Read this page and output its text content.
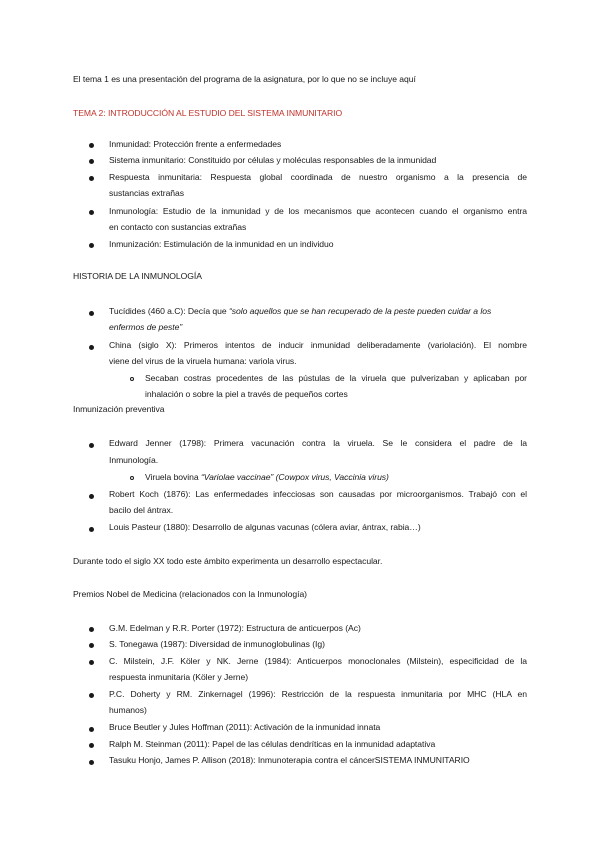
El tema 1 es una presentación del programa de la asignatura, por lo que no se incluye aquí
TEMA 2: INTRODUCCIÓN AL ESTUDIO DEL SISTEMA INMUNITARIO
Inmunidad: Protección frente a enfermedades
Sistema inmunitario: Constituido por células y moléculas responsables de la inmunidad
Respuesta inmunitaria: Respuesta global coordinada de nuestro organismo a la presencia de
sustancias extrañas
Inmunología: Estudio de la inmunidad y de los mecanismos que acontecen cuando el organismo entra
en contacto con sustancias extrañas
Inmunización: Estimulación de la inmunidad en un individuo
HISTORIA DE LA INMUNOLOGÍA
Tucídides (460 a.C): Decía que “solo aquellos que se han recuperado de la peste pueden cuidar a los
enfermos de peste”
China (siglo X): Primeros intentos de inducir inmunidad deliberadamente (variolación). El nombre
viene del virus de la viruela humana: variola virus.
Secaban costras procedentes de las pústulas de la viruela que pulverizaban y aplicaban por
inhalación o sobre la piel a través de pequeños cortes
Inmunización preventiva
Edward Jenner (1798): Primera vacunación contra la viruela. Se le considera el padre de la
Inmunología.
Viruela bovina “Variolae vaccinae” (Cowpox virus, Vaccinia virus)
Robert Koch (1876): Las enfermedades infecciosas son causadas por microorganismos. Trabajó con el
bacilo del ántrax.
Louis Pasteur (1880): Desarrollo de algunas vacunas (cólera aviar, ántrax, rabia…)
Durante todo el siglo XX todo este ámbito experimenta un desarrollo espectacular.
Premios Nobel de Medicina (relacionados con la Inmunología)
G.M. Edelman y R.R. Porter (1972): Estructura de anticuerpos (Ac)
S. Tonegawa (1987): Diversidad de inmunoglobulinas (Ig)
C. Milstein, J.F. Köler y NK. Jerne (1984): Anticuerpos monoclonales (Milstein), especificidad de la
respuesta inmunitaria (Köler y Jerne)
P.C. Doherty y RM. Zinkernagel (1996): Restricción de la respuesta inmunitaria por MHC (HLA en
humanos)
Bruce Beutler y Jules Hoffman (2011): Activación de la inmunidad innata
Ralph M. Steinman (2011): Papel de las células dendríticas en la inmunidad adaptativa
Tasuku Honjo, James P. Allison (2018): Inmunoterapia contra el cáncerSISTEMA INMUNITARIO
